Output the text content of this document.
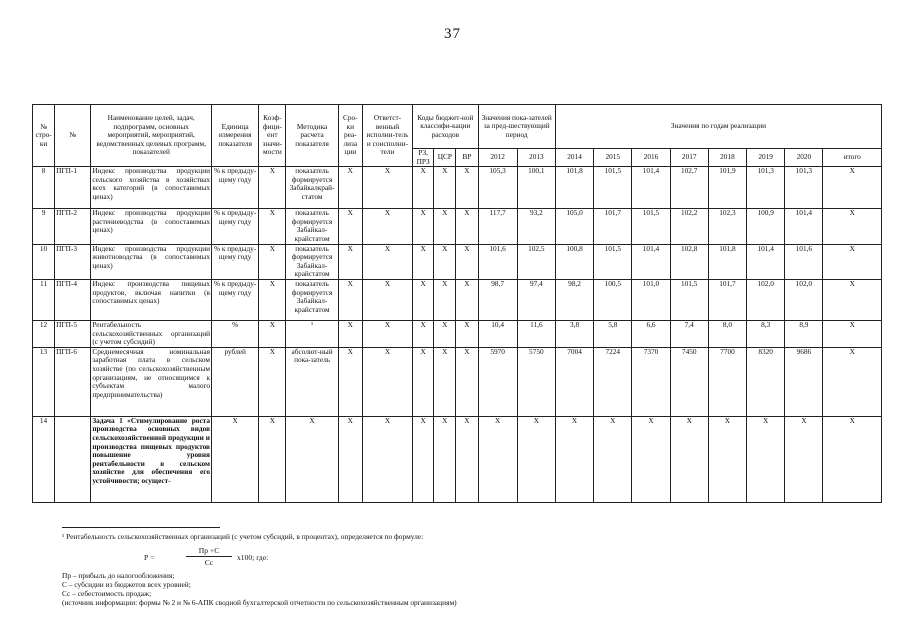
37
№ стро-ки	№	Наименование целей, задач, подпрограмм, основных мероприятий, мероприятий, ведомственных целевых программ, показателей	Единица измерения показателя	Коэф-фици-ент значи-мости	Методика расчета показателя	Сро-ки реа-лиза ции	Ответст-венный исполни-тель и соисполни-тели	Коды бюджет-ной классифи-кации расходов			Значения пока-зателей за пред-шествующий период		Значения по годам реализации							

								РЗ, ПРЗ	ЦСР	ВР	2012	2013	2014	2015	2016	2017	2018	2019	2020	итого
8	ПГП-1	Индекс производства продукции сельского хозяйства в хозяйствах всех категорий (в сопоставимых ценах)	% к предыду-щему году	Х	показатель формируется Забайкалкрай-статом	Х	Х	Х	Х	Х	105,3	100,1	101,8	101,5	101,4	102,7	101,9	101,3	101,3	Х
9	ПГП-2	Индекс производства продукции растениеводства (в сопоставимых ценах)	% к предыду-щему году	Х	показатель формируется Забайкал-крайстатом	Х	Х	Х	Х	Х	117,7	93,2	105,0	101,7	101,5	102,2	102,3	100,9	101,4	Х
10	ПГП-3	Индекс производства продукции животноводства (в сопоставимых ценах)	% к предыду-щему году	Х	показатель формируется Забайкал-крайстатом	Х	Х	Х	Х	Х	101,6	102,5	100,8	101,5	101,4	102,8	101,8	101,4	101,6	Х
11	ПГП-4	Индекс производства пищевых продуктов, включая напитки (в сопоставимых ценах)	% к предыду-щему году	Х	показатель формируется Забайкал-крайстатом	Х	Х	Х	Х	Х	98,7	97,4	98,2	100,5	101,0	101,5	101,7	102,0	102,0	Х
12	ПГП-5	Рентабельность сельскохозяйственных организаций (с учетом субсидий)	%	Х	¹	Х	Х	Х	Х	Х	10,4	11,6	3,8	5,8	6,6	7,4	8,0	8,3	8,9	Х
13	ПГП-6	Среднемесячная номинальная заработная плата в сельском хозяйстве (по сельскохозяйственным организациям, не относящимся к субъектам малого предпринимательства)	рублей	Х	абсолют-ный пока-затель	Х	Х	Х	Х	Х	5970	5750	7004	7224	7370	7450	7700	8320	9686	Х
14		Задача 1 «Стимулирование роста производства основных видов сельскохозяйственной продукции и производства пищевых продуктов повышение уровня рентабельности в сельском хозяйстве для обеспечения его устойчивости; осущест-	Х	Х	Х	Х	Х	Х	Х	Х	Х	Х	Х	Х	Х	Х	Х	Х	Х	Х
¹ Рентабельность сельскохозяйственных организаций (с учетом субсидий, в процентах), определяется по формуле:
Р =
Пр +С
Сс
х100; где:
Пр – прибыль до налогообложения;
С – субсидии из бюджетов всех уровней;
Сс – себестоимость продаж;
(источник информации: формы № 2 и № 6-АПК сводной бухгалтерской отчетности по сельскохозяйственным организациям)
